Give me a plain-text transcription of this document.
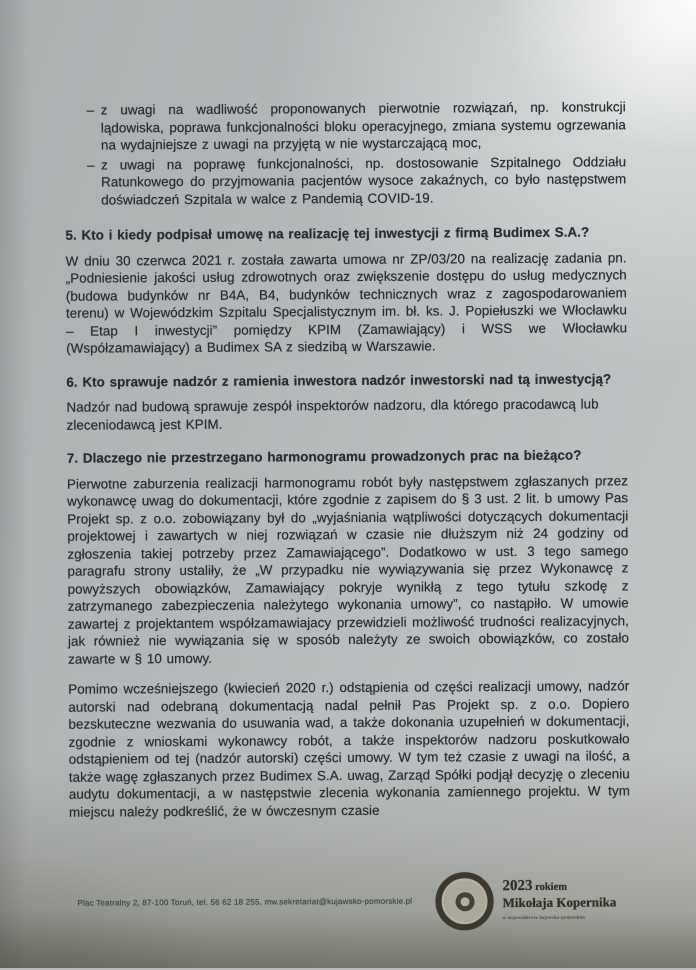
– z uwagi na wadliwość proponowanych pierwotnie rozwiązań, np. konstrukcji lądowiska, poprawa funkcjonalności bloku operacyjnego, zmiana systemu ogrzewania na wydajniejsze z uwagi na przyjętą w nie wystarczającą moc,

– z uwagi na poprawę funkcjonalności, np. dostosowanie Szpitalnego Oddziału Ratunkowego do przyjmowania pacjentów wysoce zakaźnych, co było następstwem doświadczeń Szpitala w walce z Pandemią COVID-19.

5. Kto i kiedy podpisał umowę na realizację tej inwestycji z firmą Budimex S.A.?

W dniu 30 czerwca 2021 r. została zawarta umowa nr ZP/03/20 na realizację zadania pn. „Podniesienie jakości usług zdrowotnych oraz zwiększenie dostępu do usług medycznych (budowa budynków nr B4A, B4, budynków technicznych wraz z zagospodarowaniem terenu) w Wojewódzkim Szpitalu Specjalistycznym im. bł. ks. J. Popiełuszki we Włocławku – Etap I inwestycji” pomiędzy KPIM (Zamawiający) i WSS we Włocławku (Współzamawiający) a Budimex SA z siedzibą w Warszawie.

6. Kto sprawuje nadzór z ramienia inwestora nadzór inwestorski nad tą inwestycją?

Nadzór nad budową sprawuje zespół inspektorów nadzoru, dla którego pracodawcą lub zleceniodawcą jest KPIM.

7. Dlaczego nie przestrzegano harmonogramu prowadzonych prac na bieżąco?

Pierwotne zaburzenia realizacji harmonogramu robót były następstwem zgłaszanych przez wykonawcę uwag do dokumentacji, które zgodnie z zapisem do § 3 ust. 2 lit. b umowy Pas Projekt sp. z o.o. zobowiązany był do „wyjaśniania wątpliwości dotyczących dokumentacji projektowej i zawartych w niej rozwiązań w czasie nie dłuższym niż 24 godziny od zgłoszenia takiej potrzeby przez Zamawiającego”. Dodatkowo w ust. 3 tego samego paragrafu strony ustaliły, że „W przypadku nie wywiązywania się przez Wykonawcę z powyższych obowiązków, Zamawiający pokryje wynikłą z tego tytułu szkodę z zatrzymanego zabezpieczenia należytego wykonania umowy”, co nastąpiło. W umowie zawartej z projektantem współzamawiajacy przewidzieli możliwość trudności realizacyjnych, jak również nie wywiązania się w sposób należyty ze swoich obowiązków, co zostało zawarte w § 10 umowy.

Pomimo wcześniejszego (kwiecień 2020 r.) odstąpienia od części realizacji umowy, nadzór autorski nad odebraną dokumentacją nadal pełnił Pas Projekt sp. z o.o. Dopiero bezskuteczne wezwania do usuwania wad, a także dokonania uzupełnień w dokumentacji, zgodnie z wnioskami wykonawcy robót, a także inspektorów nadzoru poskutkowało odstąpieniem od tej (nadzór autorski) części umowy. W tym też czasie z uwagi na ilość, a także wagę zgłaszanych przez Budimex S.A. uwag, Zarząd Spółki podjął decyzję o zleceniu audytu dokumentacji, a w następstwie zlecenia wykonania zamiennego projektu. W tym miejscu należy podkreślić, że w ówczesnym czasie

Plac Teatralny 2, 87-100 Toruń, tel. 56 62 18 255, mw.sekretariat@kujawsko-pomorskie.pl
2023 rokiem
Mikołaja Kopernika
w województwie kujawsko-pomorskim
